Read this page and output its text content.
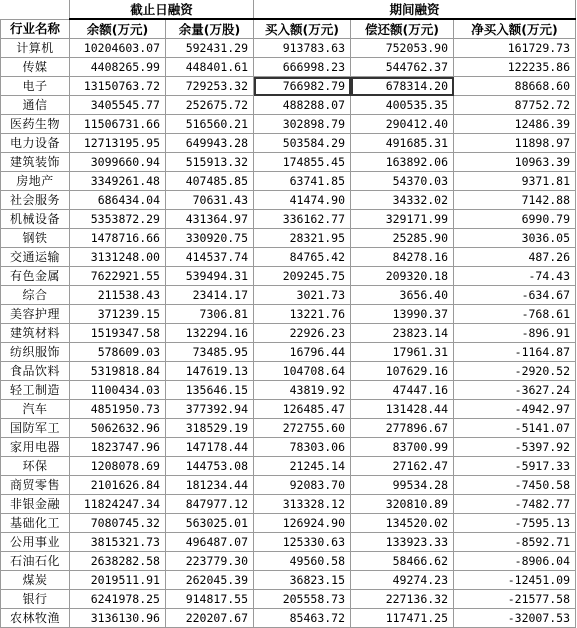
	截止日融资		期间融资		
行业名称	余额(万元)	余量(万股)	买入额(万元)	偿还额(万元)	净买入额(万元)
计算机	10204603.07	592431.29	913783.63	752053.90	161729.73
传媒	4408265.99	448401.61	666998.23	544762.37	122235.86
电子	13150763.72	729253.32	766982.79	678314.20	88668.60
通信	3405545.77	252675.72	488288.07	400535.35	87752.72
医药生物	11506731.66	516560.21	302898.79	290412.40	12486.39
电力设备	12713195.95	649943.28	503584.29	491685.31	11898.97
建筑装饰	3099660.94	515913.32	174855.45	163892.06	10963.39
房地产	3349261.48	407485.85	63741.85	54370.03	9371.81
社会服务	686434.04	70631.43	41474.90	34332.02	7142.88
机械设备	5353872.29	431364.97	336162.77	329171.99	6990.79
钢铁	1478716.66	330920.75	28321.95	25285.90	3036.05
交通运输	3131248.00	414537.74	84765.42	84278.16	487.26
有色金属	7622921.55	539494.31	209245.75	209320.18	-74.43
综合	211538.43	23414.17	3021.73	3656.40	-634.67
美容护理	371239.15	7306.81	13221.76	13990.37	-768.61
建筑材料	1519347.58	132294.16	22926.23	23823.14	-896.91
纺织服饰	578609.03	73485.95	16796.44	17961.31	-1164.87
食品饮料	5319818.84	147619.13	104708.64	107629.16	-2920.52
轻工制造	1100434.03	135646.15	43819.92	47447.16	-3627.24
汽车	4851950.73	377392.94	126485.47	131428.44	-4942.97
国防军工	5062632.96	318529.19	272755.60	277896.67	-5141.07
家用电器	1823747.96	147178.44	78303.06	83700.99	-5397.92
环保	1208078.69	144753.08	21245.14	27162.47	-5917.33
商贸零售	2101626.84	181234.44	92083.70	99534.28	-7450.58
非银金融	11824247.34	847977.12	313328.12	320810.89	-7482.77
基础化工	7080745.32	563025.01	126924.90	134520.02	-7595.13
公用事业	3815321.73	496487.07	125330.63	133923.33	-8592.71
石油石化	2638282.58	223779.30	49560.58	58466.62	-8906.04
煤炭	2019511.91	262045.39	36823.15	49274.23	-12451.09
银行	6241978.25	914817.55	205558.73	227136.32	-21577.58
农林牧渔	3136130.96	220207.67	85463.72	117471.25	-32007.53
